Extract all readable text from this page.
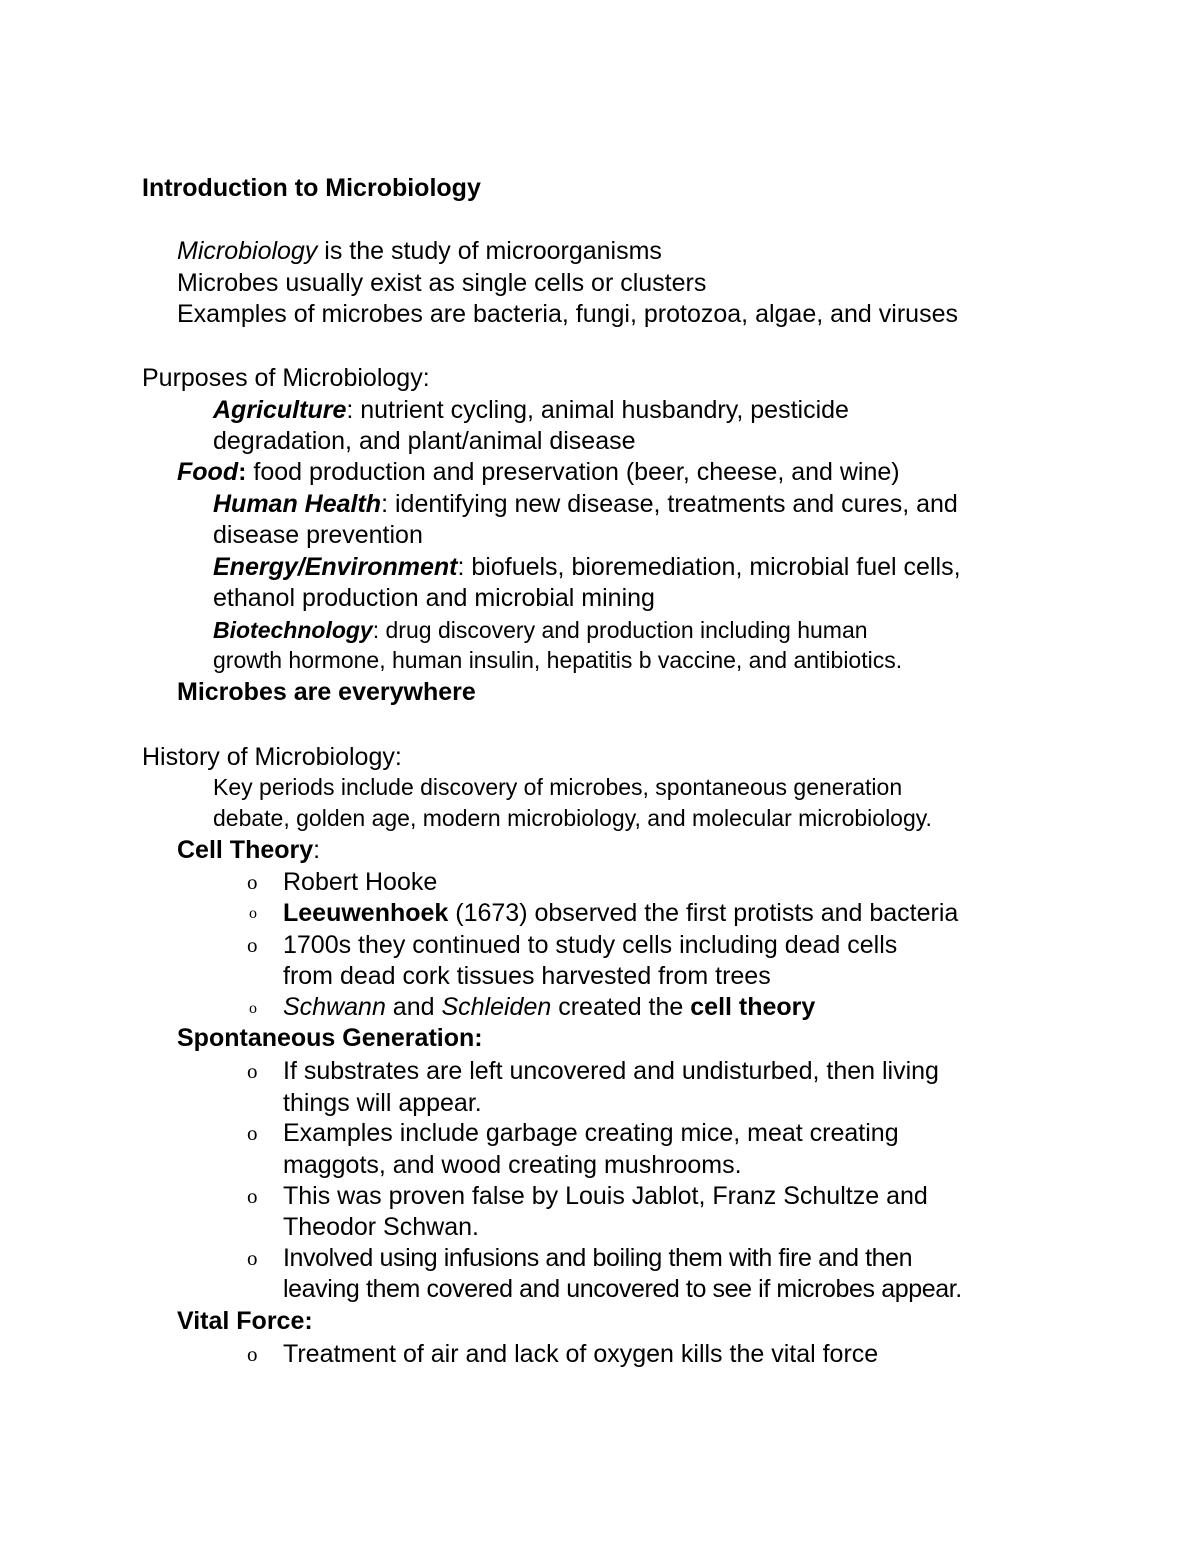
Introduction to Microbiology
Microbiology is the study of microorganisms
Microbes usually exist as single cells or clusters
Examples of microbes are bacteria, fungi, protozoa, algae, and viruses
Purposes of Microbiology:
Agriculture: nutrient cycling, animal husbandry, pesticide
degradation, and plant/animal disease
Food: food production and preservation (beer, cheese, and wine)
Human Health: identifying new disease, treatments and cures, and
disease prevention
Energy/Environment: biofuels, bioremediation, microbial fuel cells,
ethanol production and microbial mining
Biotechnology: drug discovery and production including human
growth hormone, human insulin, hepatitis b vaccine, and antibiotics.
Microbes are everywhere
History of Microbiology:
Key periods include discovery of microbes, spontaneous generation
debate, golden age, modern microbiology, and molecular microbiology.
Cell Theory:
o Robert Hooke
o Leeuwenhoek (1673) observed the first protists and bacteria
o 1700s they continued to study cells including dead cells
from dead cork tissues harvested from trees
o Schwann and Schleiden created the cell theory
Spontaneous Generation:
o If substrates are left uncovered and undisturbed, then living
things will appear.
o Examples include garbage creating mice, meat creating
maggots, and wood creating mushrooms.
o This was proven false by Louis Jablot, Franz Schultze and
Theodor Schwan.
o Involved using infusions and boiling them with fire and then
leaving them covered and uncovered to see if microbes appear.
Vital Force:
o Treatment of air and lack of oxygen kills the vital force
